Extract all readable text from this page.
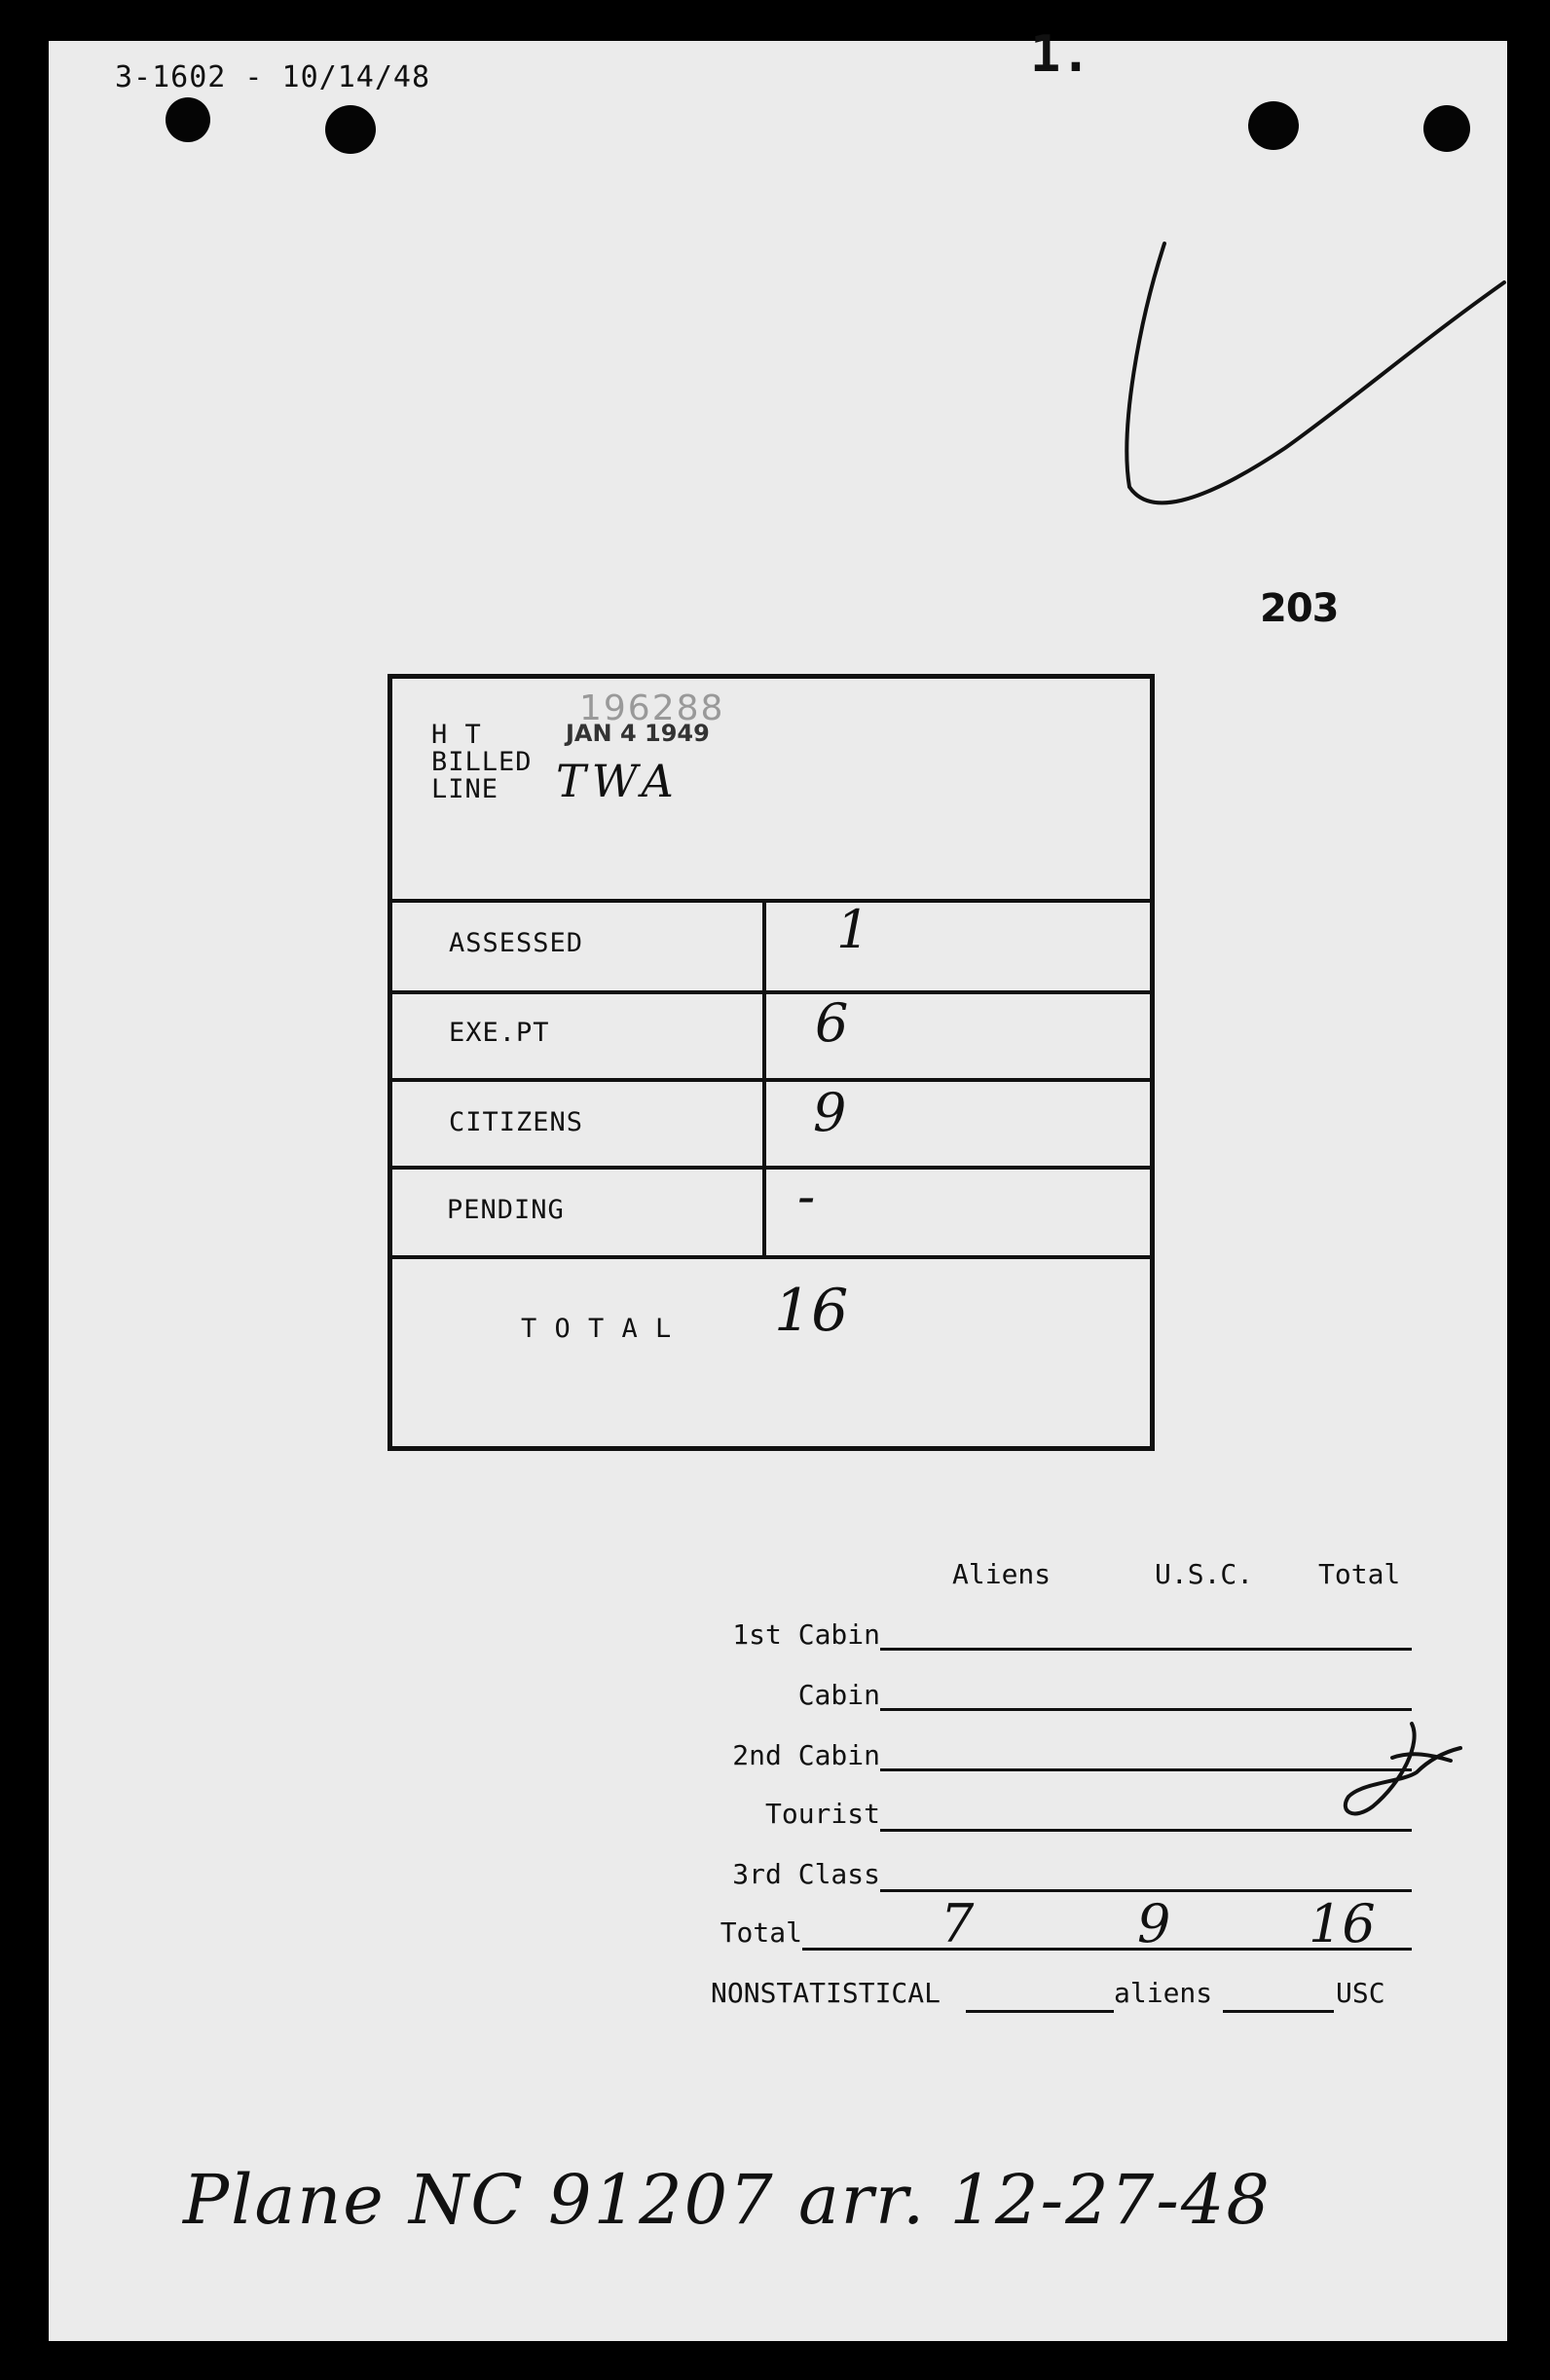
3-1602 - 10/14/48	1.
203
H T
BILLED
LINE
196288
JAN 4 1949
TWA
ASSESSED	1
EXE.PT	6
CITIZENS	9
PENDING	-
T O T A L 16
Aliens	U.S.C. Total
1st Cabin
Cabin
2nd Cabin
Tourist
3rd Class
Total	7	9	16
NONSTATISTICAL	aliens	USC
Plane NC 91207 arr. 12-27-48
